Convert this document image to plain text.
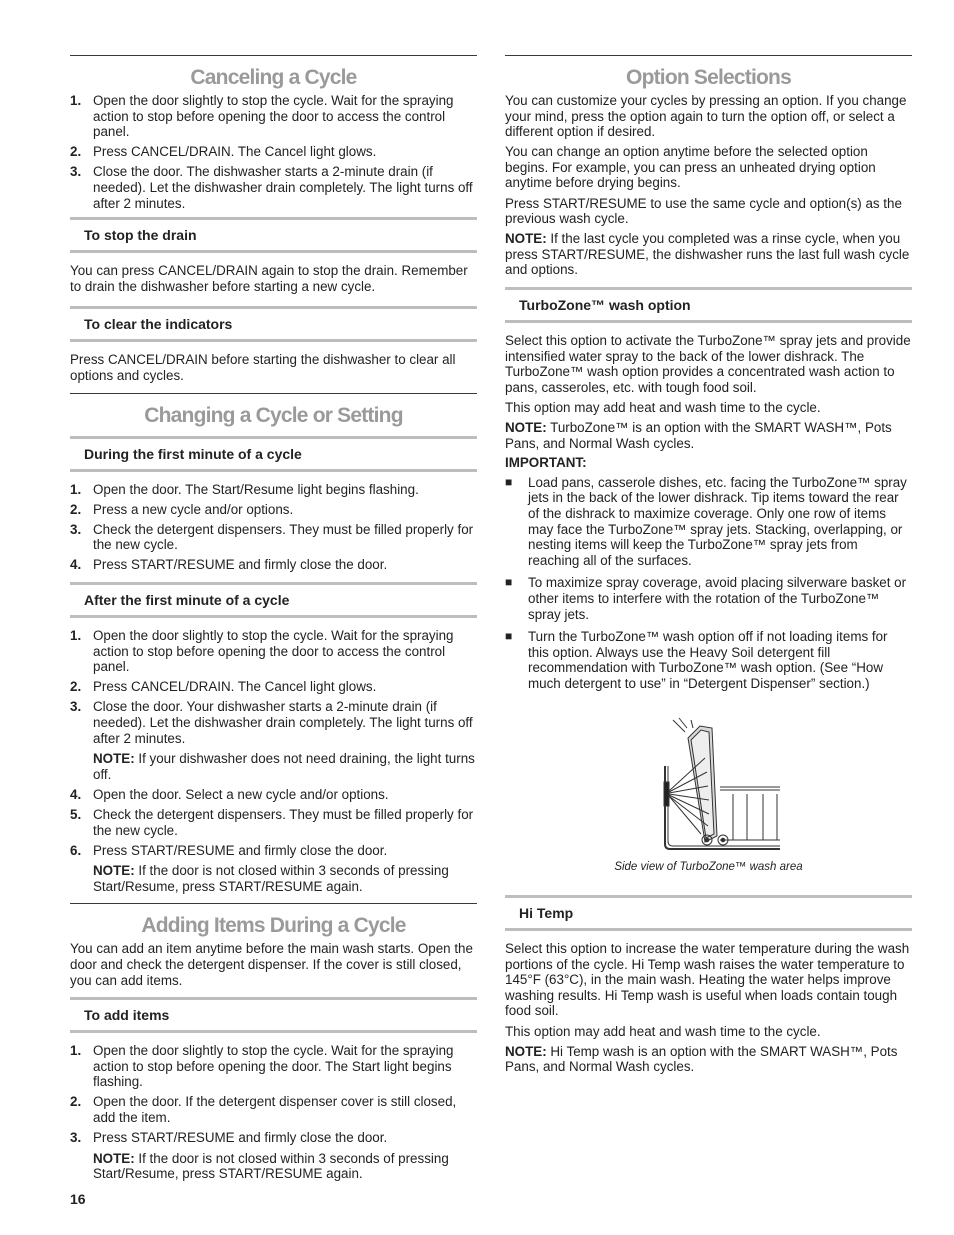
Canceling a Cycle
1. Open the door slightly to stop the cycle. Wait for the spraying action to stop before opening the door to access the control panel.
2. Press CANCEL/DRAIN. The Cancel light glows.
3. Close the door. The dishwasher starts a 2-minute drain (if needed). Let the dishwasher drain completely. The light turns off after 2 minutes.
To stop the drain

You can press CANCEL/DRAIN again to stop the drain. Remember to drain the dishwasher before starting a new cycle.

To clear the indicators

Press CANCEL/DRAIN before starting the dishwasher to clear all options and cycles.

Changing a Cycle or Setting
During the first minute of a cycle
1. Open the door. The Start/Resume light begins flashing.
2. Press a new cycle and/or options.
3. Check the detergent dispensers. They must be filled properly for the new cycle.
4. Press START/RESUME and firmly close the door.
After the first minute of a cycle
1. Open the door slightly to stop the cycle. Wait for the spraying action to stop before opening the door to access the control panel.
2. Press CANCEL/DRAIN. The Cancel light glows.
3. Close the door. Your dishwasher starts a 2-minute drain (if needed). Let the dishwasher drain completely. The light turns off after 2 minutes.
NOTE: If your dishwasher does not need draining, the light turns off.
4. Open the door. Select a new cycle and/or options.
5. Check the detergent dispensers. They must be filled properly for the new cycle.
6. Press START/RESUME and firmly close the door.
NOTE: If the door is not closed within 3 seconds of pressing Start/Resume, press START/RESUME again.
Adding Items During a Cycle

You can add an item anytime before the main wash starts. Open the door and check the detergent dispenser. If the cover is still closed, you can add items.

To add items
1. Open the door slightly to stop the cycle. Wait for the spraying action to stop before opening the door. The Start light begins flashing.
2. Open the door. If the detergent dispenser cover is still closed, add the item.
3. Press START/RESUME and firmly close the door.
NOTE: If the door is not closed within 3 seconds of pressing Start/Resume, press START/RESUME again.
Option Selections

You can customize your cycles by pressing an option. If you change your mind, press the option again to turn the option off, or select a different option if desired.

You can change an option anytime before the selected option begins. For example, you can press an unheated drying option anytime before drying begins.

Press START/RESUME to use the same cycle and option(s) as the previous wash cycle.

NOTE: If the last cycle you completed was a rinse cycle, when you press START/RESUME, the dishwasher runs the last full wash cycle and options.

TurboZone™ wash option

Select this option to activate the TurboZone™ spray jets and provide intensified water spray to the back of the lower dishrack. The TurboZone™ wash option provides a concentrated wash action to pans, casseroles, etc. with tough food soil.

This option may add heat and wash time to the cycle.

NOTE: TurboZone™ is an option with the SMART WASH™, Pots Pans, and Normal Wash cycles.

IMPORTANT:

■ Load pans, casserole dishes, etc. facing the TurboZone™ spray jets in the back of the lower dishrack. Tip items toward the rear of the dishrack to maximize coverage. Only one row of items may face the TurboZone™ spray jets. Stacking, overlapping, or nesting items will keep the TurboZone™ spray jets from reaching all of the surfaces.
■ To maximize spray coverage, avoid placing silverware basket or other items to interfere with the rotation of the TurboZone™ spray jets.
■ Turn the TurboZone™ wash option off if not loading items for this option. Always use the Heavy Soil detergent fill recommendation with TurboZone™ wash option. (See “How much detergent to use” in “Detergent Dispenser” section.)

Side view of TurboZone™ wash area

Hi Temp

Select this option to increase the water temperature during the wash portions of the cycle. Hi Temp wash raises the water temperature to 145°F (63°C), in the main wash. Heating the water helps improve washing results. Hi Temp wash is useful when loads contain tough food soil.

This option may add heat and wash time to the cycle.

NOTE: Hi Temp wash is an option with the SMART WASH™, Pots Pans, and Normal Wash cycles.

16
